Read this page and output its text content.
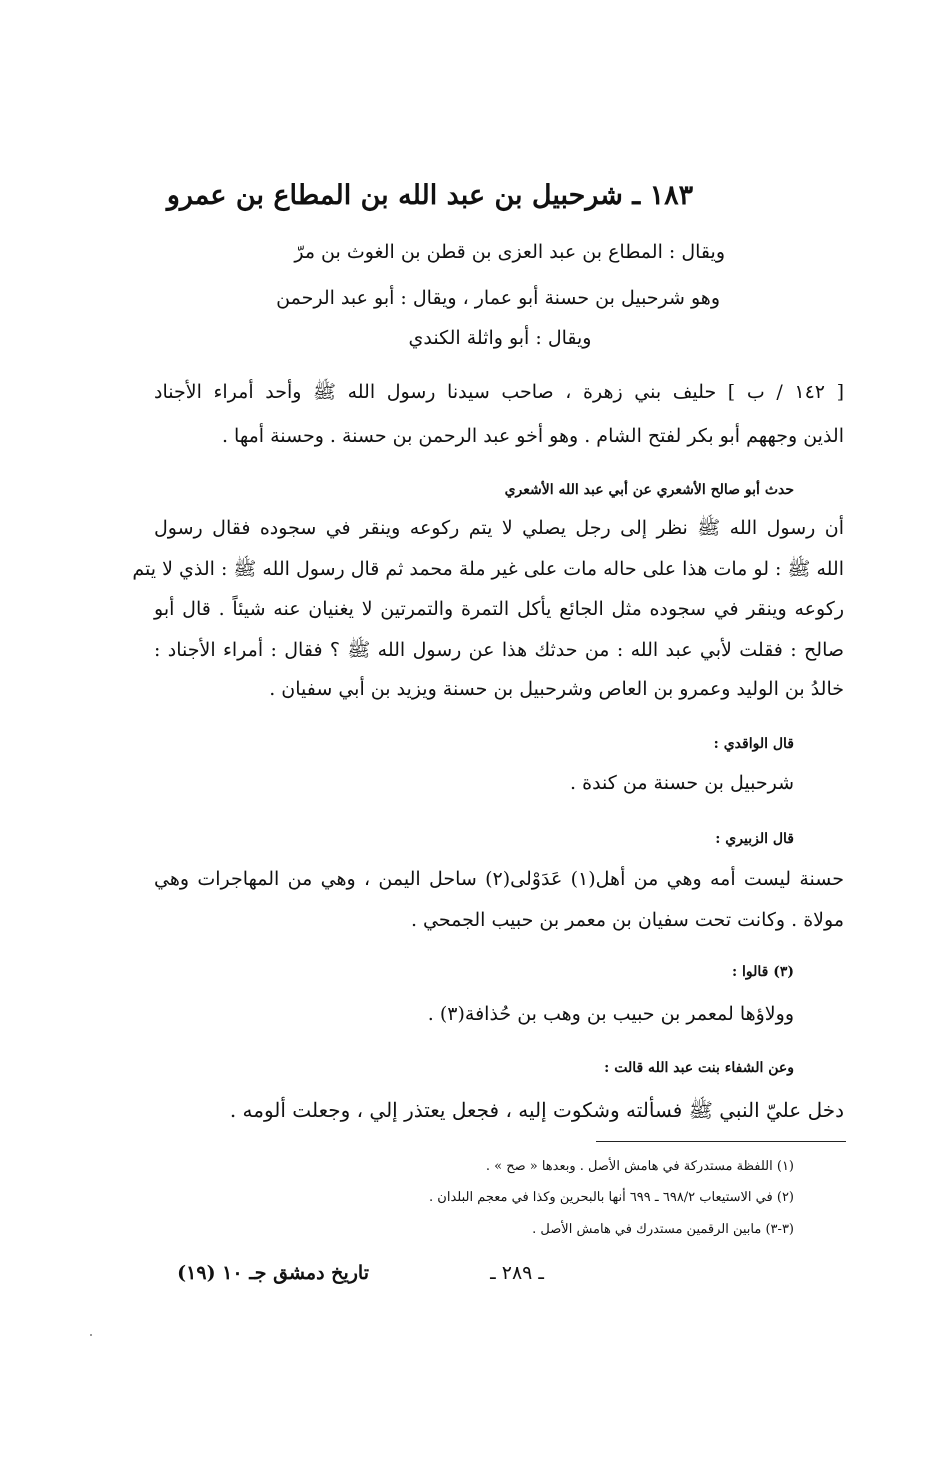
١٨٣ ـ شرحبيل بن عبد الله بن المطاع بن عمرو
ويقال : المطاع بن عبد العزى بن قطن بن الغوث بن مرّ
وهو شرحبيل بن حسنة أبو عمار ، ويقال : أبو عبد الرحمن
ويقال : أبو واثلة الكندي
[ ١٤٢ / ب ] حليف بني زهرة ، صاحب سيدنا رسول الله ﷺ وأحد أمراء الأجناد
الذين وجههم أبو بكر لفتح الشام . وهو أخو عبد الرحمن بن حسنة . وحسنة أمها .
حدث أبو صالح الأشعري عن أبي عبد الله الأشعري
أن رسول الله ﷺ نظر إلى رجل يصلي لا يتم ركوعه وينقر في سجوده فقال رسول
الله ﷺ : لو مات هذا على حاله مات على غير ملة محمد ثم قال رسول الله ﷺ : الذي لا يتم
ركوعه وينقر في سجوده مثل الجائع يأكل التمرة والتمرتين لا يغنيان عنه شيئاً . قال أبو
صالح : فقلت لأبي عبد الله : من حدثك هذا عن رسول الله ﷺ ؟ فقال : أمراء الأجناد :
خالدُ بن الوليد وعمرو بن العاص وشرحبيل بن حسنة ويزيد بن أبي سفيان .
قال الواقدي :
شرحبيل بن حسنة من كندة .
قال الزبيري :
حسنة ليست أمه وهي من أهل(١) عَدَوْلى(٢) ساحل اليمن ، وهي من المهاجرات وهي
مولاة . وكانت تحت سفيان بن معمر بن حبيب الجمحي .
(٣) قالوا :
وولاؤها لمعمر بن حبيب بن وهب بن حُذافة(٣) .
وعن الشفاء بنت عبد الله قالت :
دخل عليّ النبي ﷺ فسألته وشكوت إليه ، فجعل يعتذر إلي ، وجعلت ألومه .
(١) اللفظة مستدركة في هامش الأصل . وبعدها « صح » .
(٢) في الاستيعاب ٦٩٨/٢ ـ ٦٩٩ أنها بالبحرين وكذا في معجم البلدان .
(٣-٣) مابين الرقمين مستدرك في هامش الأصل .
تاريخ دمشق جـ ١٠ (١٩)	ـ ٢٨٩ ـ
